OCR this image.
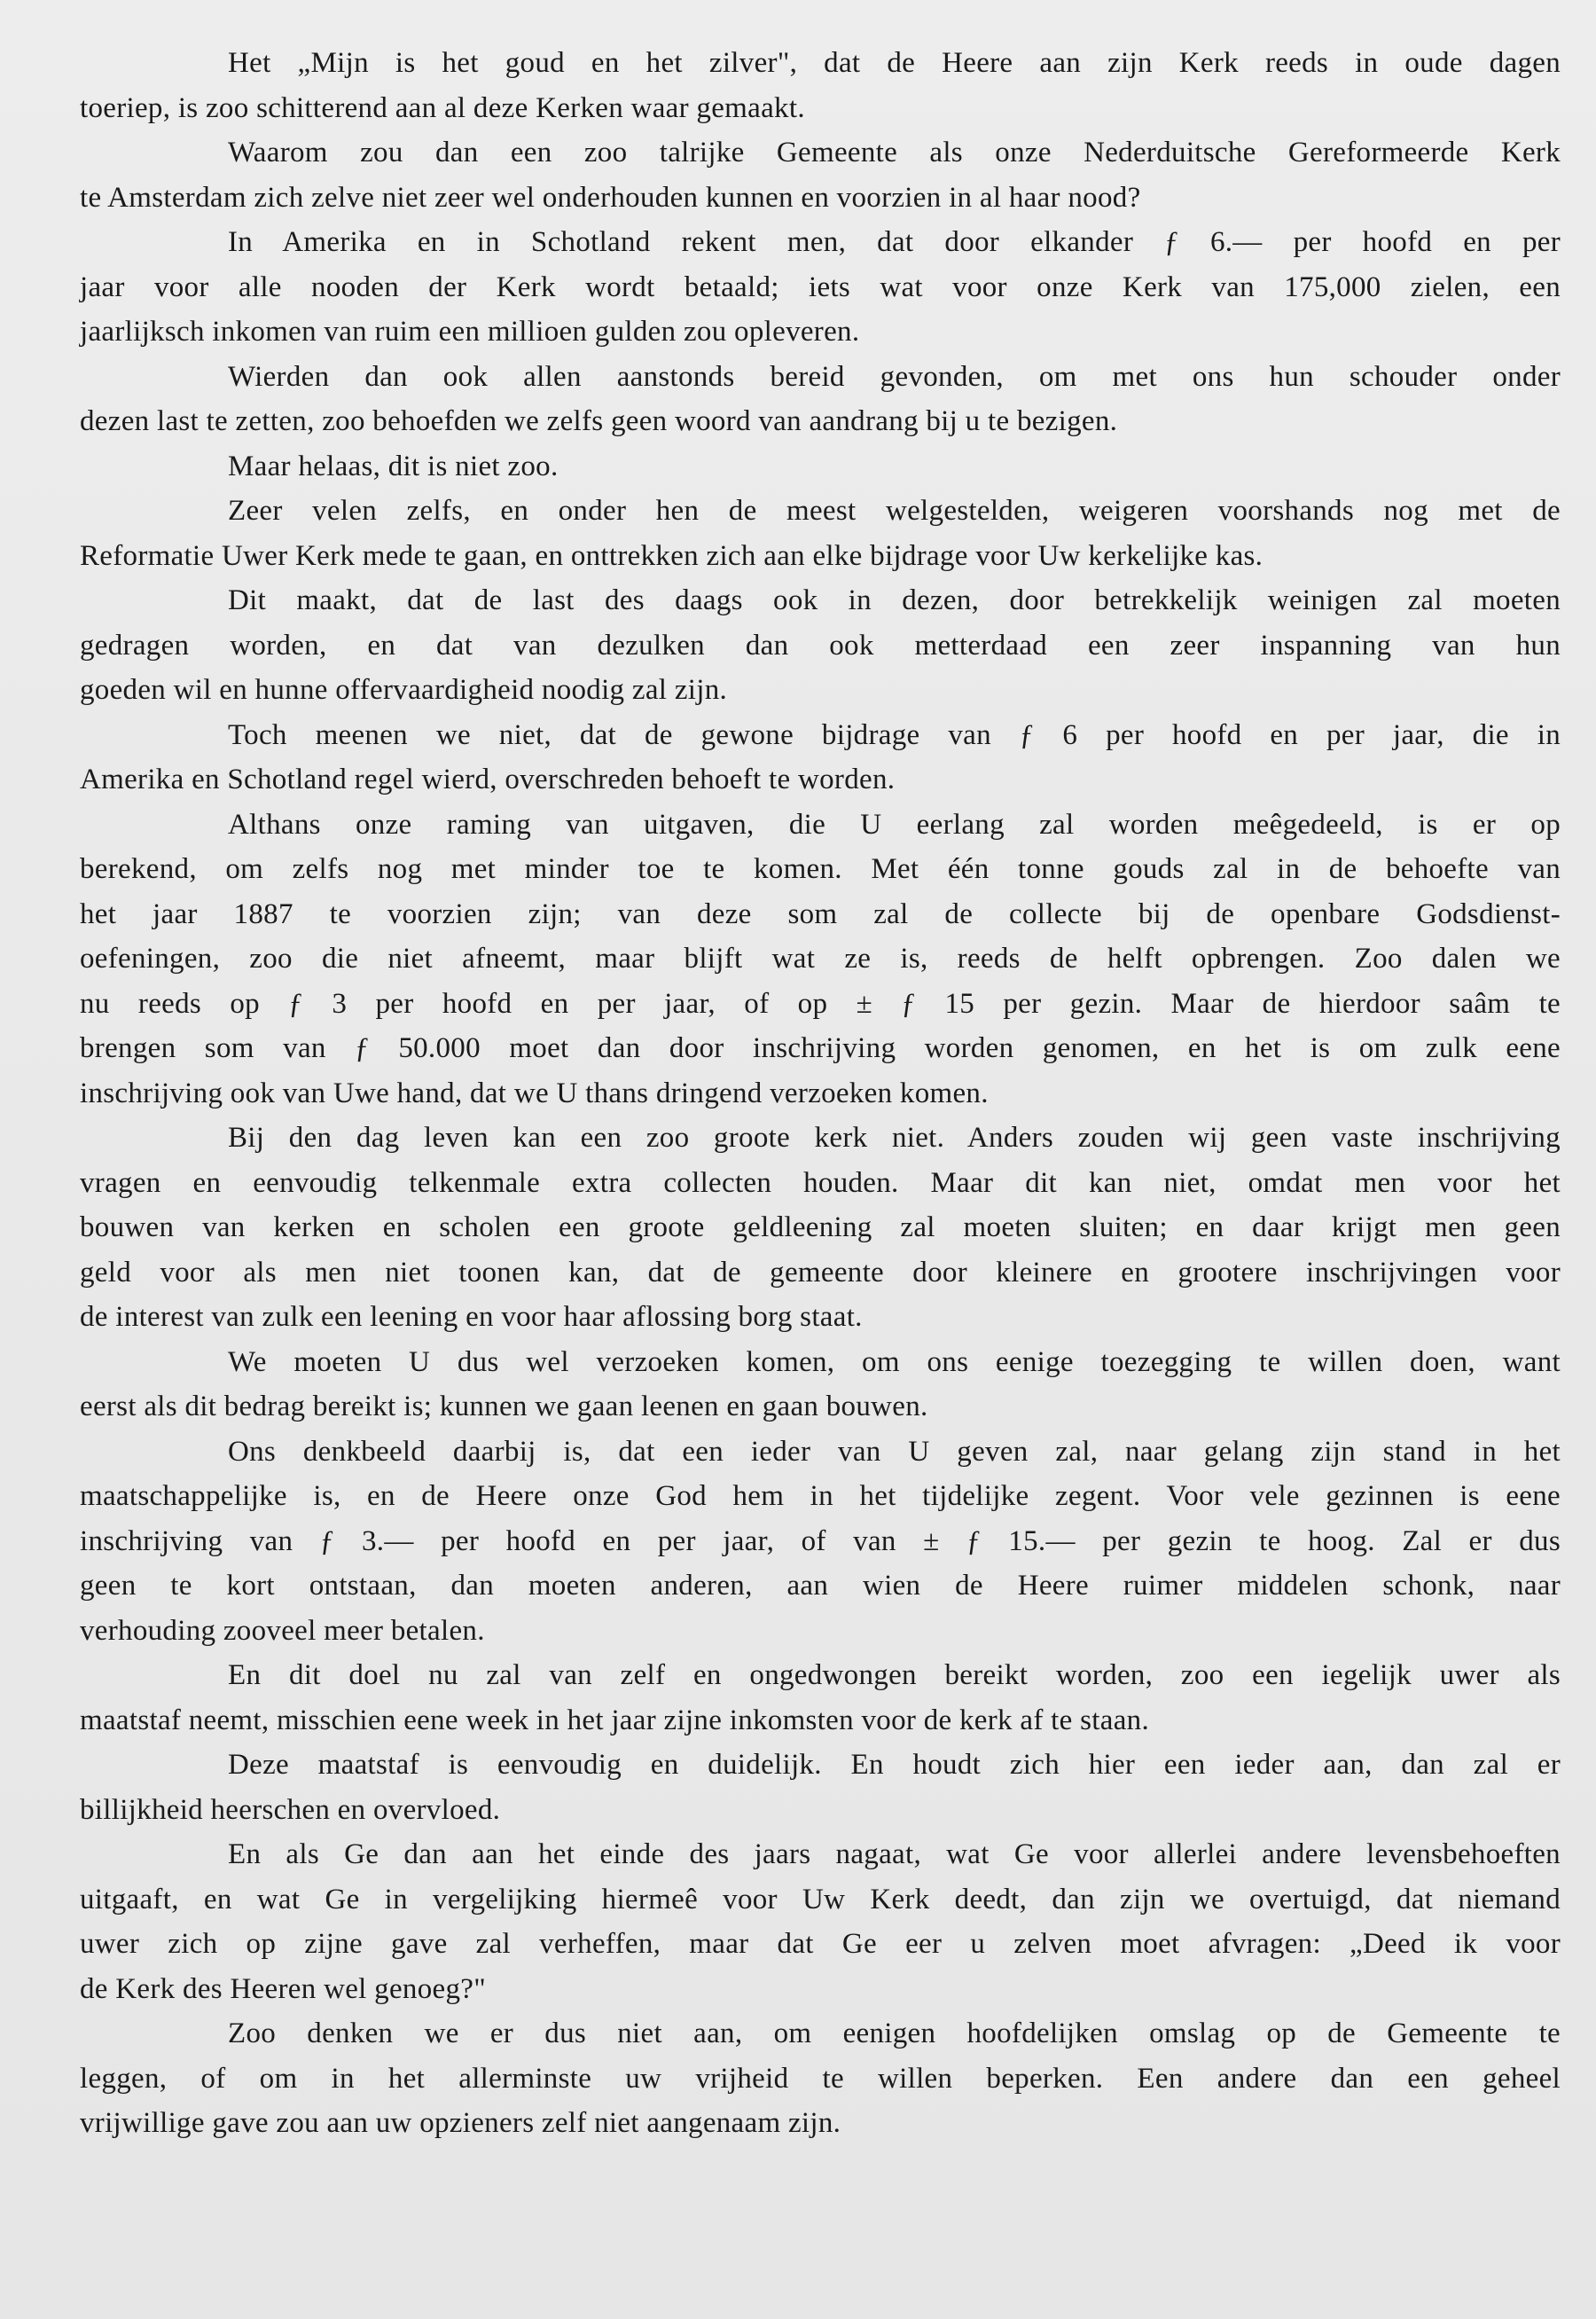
Het „Mijn is het goud en het zilver", dat de Heere aan zijn Kerk reeds in oude dagen
toeriep, is zoo schitterend aan al deze Kerken waar gemaakt.
Waarom zou dan een zoo talrijke Gemeente als onze Nederduitsche Gereformeerde Kerk
te Amsterdam zich zelve niet zeer wel onderhouden kunnen en voorzien in al haar nood?
In Amerika en in Schotland rekent men, dat door elkander ƒ 6.— per hoofd en per
jaar voor alle nooden der Kerk wordt betaald; iets wat voor onze Kerk van 175,000 zielen, een
jaarlijksch inkomen van ruim een millioen gulden zou opleveren.
Wierden dan ook allen aanstonds bereid gevonden, om met ons hun schouder onder
dezen last te zetten, zoo behoefden we zelfs geen woord van aandrang bij u te bezigen.
Maar helaas, dit is niet zoo.
Zeer velen zelfs, en onder hen de meest welgestelden, weigeren voorshands nog met de
Reformatie Uwer Kerk mede te gaan, en onttrekken zich aan elke bijdrage voor Uw kerkelijke kas.
Dit maakt, dat de last des daags ook in dezen, door betrekkelijk weinigen zal moeten
gedragen worden, en dat van dezulken dan ook metterdaad een zeer inspanning van hun
goeden wil en hunne offervaardigheid noodig zal zijn.
Toch meenen we niet, dat de gewone bijdrage van ƒ 6 per hoofd en per jaar, die in
Amerika en Schotland regel wierd, overschreden behoeft te worden.
Althans onze raming van uitgaven, die U eerlang zal worden meêgedeeld, is er op
berekend, om zelfs nog met minder toe te komen. Met één tonne gouds zal in de behoefte van
het jaar 1887 te voorzien zijn; van deze som zal de collecte bij de openbare Godsdienst-
oefeningen, zoo die niet afneemt, maar blijft wat ze is, reeds de helft opbrengen. Zoo dalen we
nu reeds op ƒ 3 per hoofd en per jaar, of op ± ƒ 15 per gezin. Maar de hierdoor saâm te
brengen som van ƒ 50.000 moet dan door inschrijving worden genomen, en het is om zulk eene
inschrijving ook van Uwe hand, dat we U thans dringend verzoeken komen.
Bij den dag leven kan een zoo groote kerk niet. Anders zouden wij geen vaste inschrijving
vragen en eenvoudig telkenmale extra collecten houden. Maar dit kan niet, omdat men voor het
bouwen van kerken en scholen een groote geldleening zal moeten sluiten; en daar krijgt men geen
geld voor als men niet toonen kan, dat de gemeente door kleinere en grootere inschrijvingen voor
de interest van zulk een leening en voor haar aflossing borg staat.
We moeten U dus wel verzoeken komen, om ons eenige toezegging te willen doen, want
eerst als dit bedrag bereikt is; kunnen we gaan leenen en gaan bouwen.
Ons denkbeeld daarbij is, dat een ieder van U geven zal, naar gelang zijn stand in het
maatschappelijke is, en de Heere onze God hem in het tijdelijke zegent. Voor vele gezinnen is eene
inschrijving van ƒ 3.— per hoofd en per jaar, of van ± ƒ 15.— per gezin te hoog. Zal er dus
geen te kort ontstaan, dan moeten anderen, aan wien de Heere ruimer middelen schonk, naar
verhouding zooveel meer betalen.
En dit doel nu zal van zelf en ongedwongen bereikt worden, zoo een iegelijk uwer als
maatstaf neemt, misschien eene week in het jaar zijne inkomsten voor de kerk af te staan.
Deze maatstaf is eenvoudig en duidelijk. En houdt zich hier een ieder aan, dan zal er
billijkheid heerschen en overvloed.
En als Ge dan aan het einde des jaars nagaat, wat Ge voor allerlei andere levensbehoeften
uitgaaft, en wat Ge in vergelijking hiermeê voor Uw Kerk deedt, dan zijn we overtuigd, dat niemand
uwer zich op zijne gave zal verheffen, maar dat Ge eer u zelven moet afvragen: „Deed ik voor
de Kerk des Heeren wel genoeg?"
Zoo denken we er dus niet aan, om eenigen hoofdelijken omslag op de Gemeente te
leggen, of om in het allerminste uw vrijheid te willen beperken. Een andere dan een geheel
vrijwillige gave zou aan uw opzieners zelf niet aangenaam zijn.
